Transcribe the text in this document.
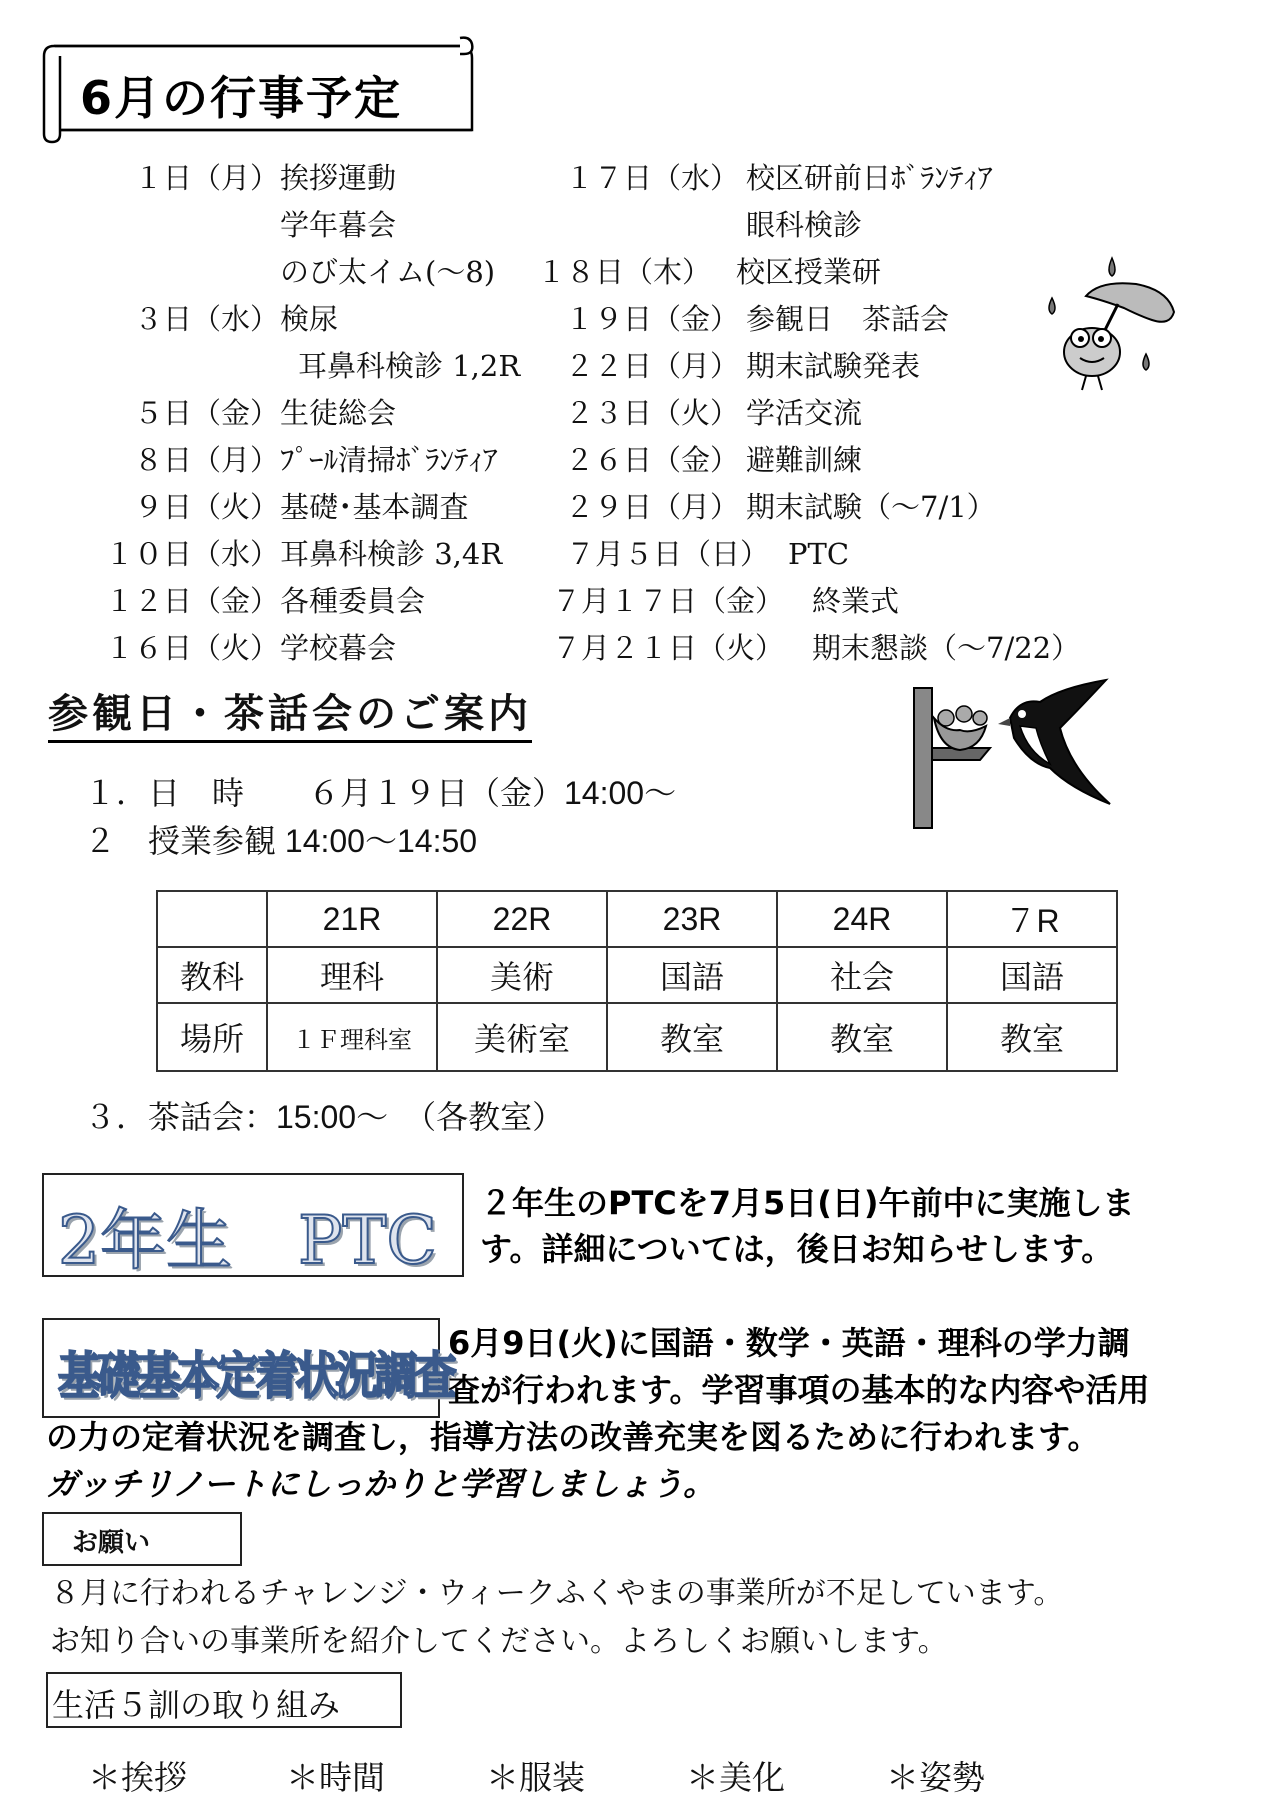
6月の行事予定
１日（月） 挨拶運動	１７日（水） 校区研前日ﾎﾞﾗﾝﾃｨｱ
学年暮会	眼科検診
のび太イム(～8) １８日（木） 校区授業研
３日（水） 検尿	１９日（金） 参観日　茶話会
耳鼻科検診 1,2R ２２日（月） 期末試験発表
５日（金） 生徒総会	２３日（火） 学活交流
８日（月） ﾌﾟｰﾙ清掃ﾎﾞﾗﾝﾃｨｱ ２６日（金） 避難訓練
９日（火） 基礎･基本調査	２９日（月） 期末試験（～7/1）
１０日（水） 耳鼻科検診 3,4R ７月５日（日） PTC
１２日（金） 各種委員会	７月１７日（金） 終業式
１６日（火） 学校暮会	７月２１日（火） 期末懇談（～7/22）
参観日・茶話会のご案内
１．日　時　　６月１９日（金）14:00～
２　授業参観 14:00～14:50
	21R	22R	23R	24R	７R
教科	理科	美術	国語	社会	国語
場所	１Ｆ理科室	美術室	教室	教室	教室
３．茶話会：15:00～　（各教室）
2年生　PTC ２年生のPTCを7月5日(日)午前中に実施しま
す。詳細については，後日お知らせします。
基礎基本定着状況調査
6月9日(火)に国語・数学・英語・理科の学力調
査が行われます。学習事項の基本的な内容や活用
の力の定着状況を調査し，指導方法の改善充実を図るために行われます。
ガッチリノートにしっかりと学習しましょう。
お願い
８月に行われるチャレンジ・ウィークふくやまの事業所が不足しています。
お知り合いの事業所を紹介してください。よろしくお願いします。
生活５訓の取り組み
＊挨拶	＊時間	＊服装	＊美化	＊姿勢
